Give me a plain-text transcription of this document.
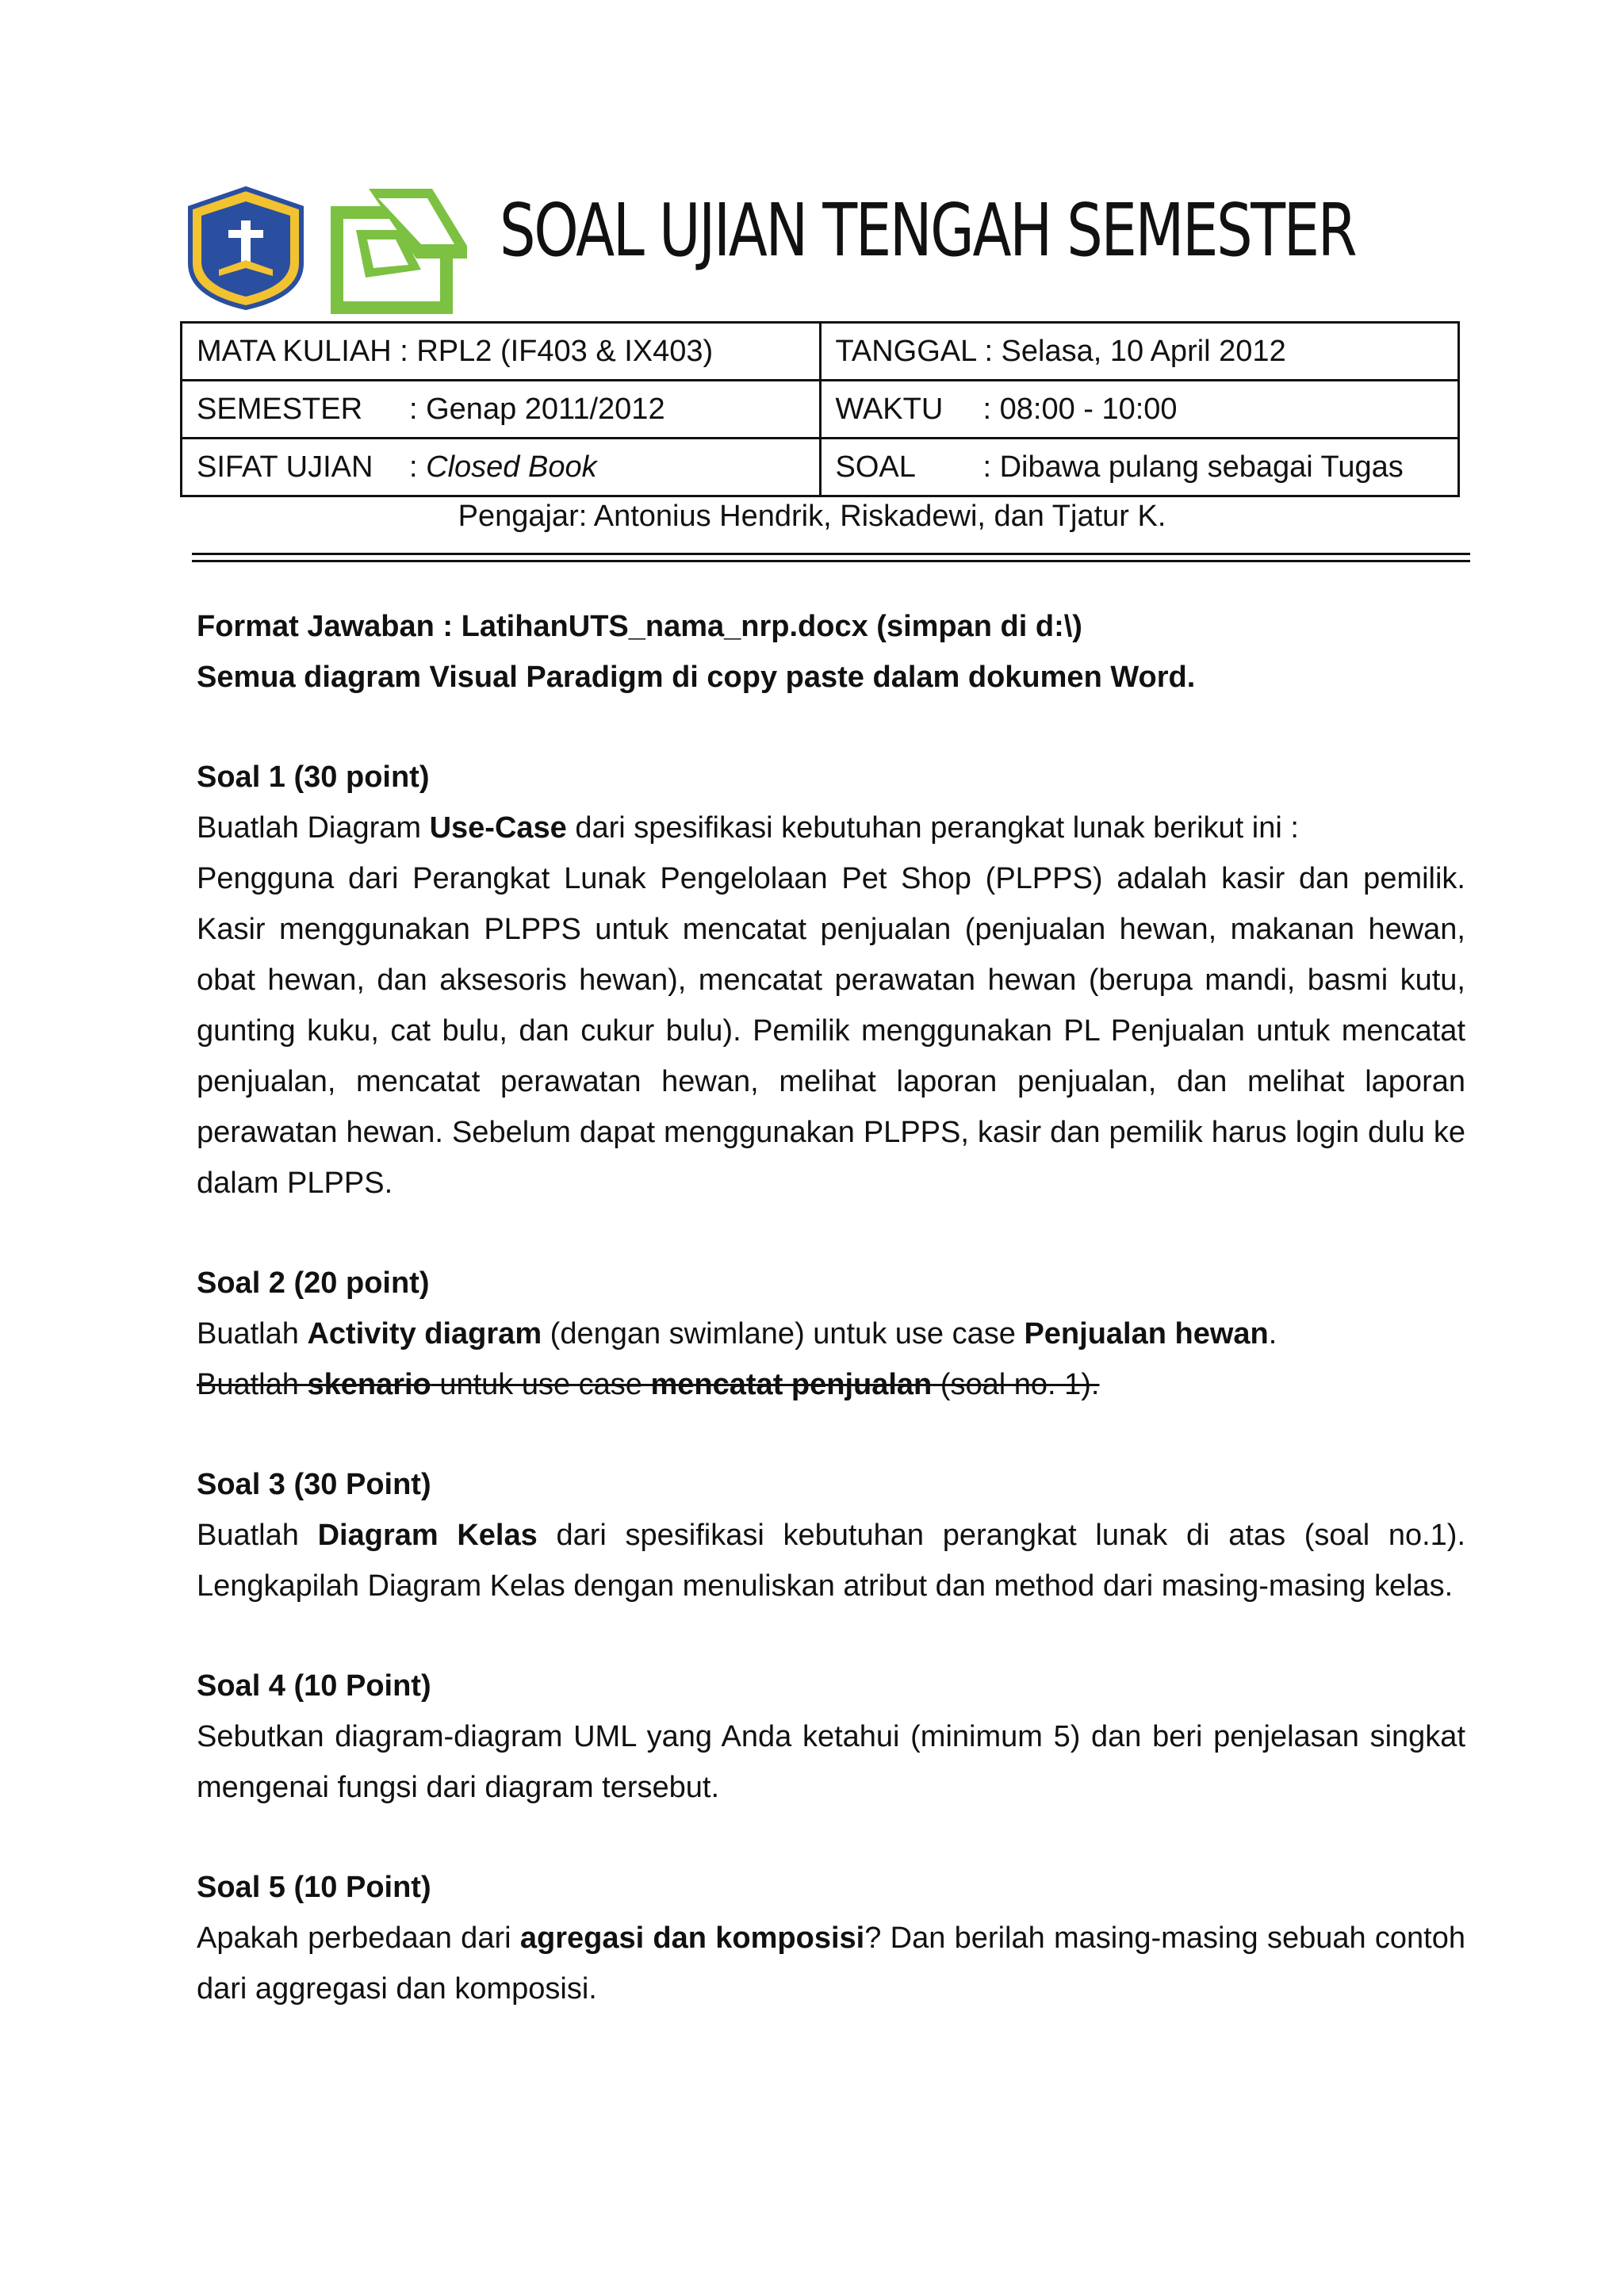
SOAL UJIAN TENGAH SEMESTER
MATA KULIAH : RPL2 (IF403 & IX403)	TANGGAL : Selasa, 10 April 2012
SEMESTER : Genap 2011/2012	WAKTU : 08:00 - 10:00
SIFAT UJIAN : Closed Book	SOAL : Dibawa pulang sebagai Tugas
Pengajar: Antonius Hendrik, Riskadewi, dan Tjatur K.

Format Jawaban : LatihanUTS_nama_nrp.docx (simpan di d:\)

Semua diagram Visual Paradigm di copy paste dalam dokumen Word.

Soal 1 (30 point)

Buatlah Diagram Use-Case dari spesifikasi kebutuhan perangkat lunak berikut ini :

Pengguna dari Perangkat Lunak Pengelolaan Pet Shop (PLPPS) adalah kasir dan pemilik. Kasir menggunakan PLPPS untuk mencatat penjualan (penjualan hewan, makanan hewan, obat hewan, dan aksesoris hewan), mencatat perawatan hewan (berupa mandi, basmi kutu, gunting kuku, cat bulu, dan cukur bulu). Pemilik menggunakan PL Penjualan untuk mencatat penjualan, mencatat perawatan hewan, melihat laporan penjualan, dan melihat laporan perawatan hewan. Sebelum dapat menggunakan PLPPS, kasir dan pemilik harus login dulu ke dalam PLPPS.

Soal 2 (20 point)

Buatlah Activity diagram (dengan swimlane) untuk use case Penjualan hewan.

Buatlah skenario untuk use case mencatat penjualan (soal no. 1).

Soal 3 (30 Point)

Buatlah Diagram Kelas dari spesifikasi kebutuhan perangkat lunak di atas (soal no.1). Lengkapilah Diagram Kelas dengan menuliskan atribut dan method dari masing-masing kelas.

Soal 4 (10 Point)

Sebutkan diagram-diagram UML yang Anda ketahui (minimum 5) dan beri penjelasan singkat mengenai fungsi dari diagram tersebut.

Soal 5 (10 Point)

Apakah perbedaan dari agregasi dan komposisi? Dan berilah masing-masing sebuah contoh dari aggregasi dan komposisi.
